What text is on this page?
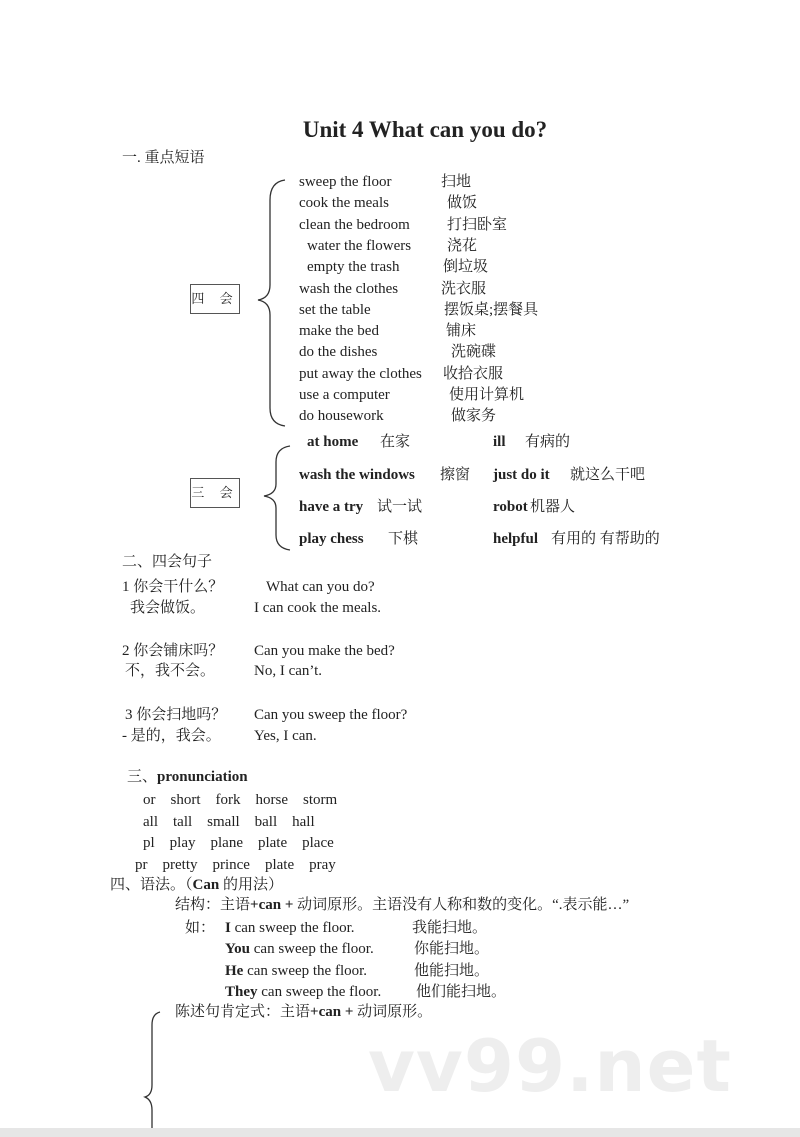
Unit 4 What can you do?
一. 重点短语
四 会
三 会
sweep the floor	扫地
cook the meals	做饭
clean the bedroom 打扫卧室
water the flowers 浇花
empty the trash	倒垃圾
wash the clothes	洗衣服
set the table	摆饭桌;摆餐具
make the bed	铺床
do the dishes	洗碗碟
put away the clothes 收拾衣服
use a computer	使用计算机
do housework	做家务
at home 在家	ill 有病的
wash the windows 擦窗 just do it 就这么干吧
have a try 试一试	robot 机器人
play chess 下棋	helpful 有用的 有帮助的
二、四会句子
1 你会干什么？	What can you do?
我会做饭。	I can cook the meals.
2 你会铺床吗？ Can you make the bed?
不，我不会。	No, I can’t.
3 你会扫地吗？ Can you sweep the floor?
- 是的，我会。 Yes, I can.
三、pronunciation
or    short    fork    horse    storm
all    tall    small    ball    hall
pl    play    plane    plate    place
pr    pretty    prince    plate    pray
四、语法。（Can 的用法）
结构：主语+can + 动词原形。主语没有人称和数的变化。“.表示能…”
如： I can sweep the floor.	我能扫地。
You can sweep the floor.	你能扫地。
He can sweep the floor.	他能扫地。
They can sweep the floor. 他们能扫地。
vv99.net
陈述句肯定式：主语+can + 动词原形。
